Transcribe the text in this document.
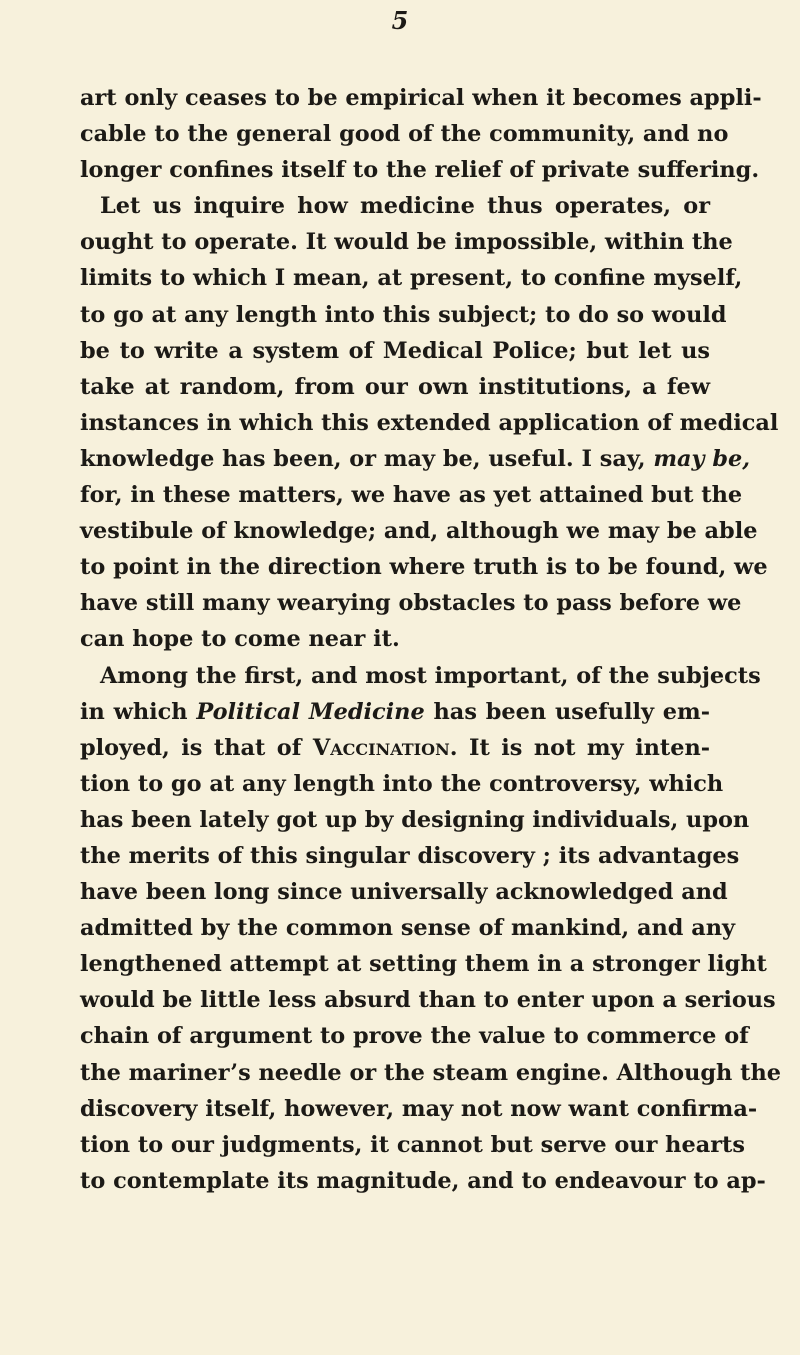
5
art only ceases to be empirical when it becomes appli-
cable to the general good of the community, and no
longer confines itself to the relief of private suffering.
Let us inquire how medicine thus operates, or
ought to operate. It would be impossible, within the
limits to which I mean, at present, to confine myself,
to go at any length into this subject; to do so would
be to write a system of Medical Police; but let us
take at random, from our own institutions, a few
instances in which this extended application of medical
knowledge has been, or may be, useful. I say, may be,
for, in these matters, we have as yet attained but the
vestibule of knowledge; and, although we may be able
to point in the direction where truth is to be found, we
have still many wearying obstacles to pass before we
can hope to come near it.
Among the first, and most important, of the subjects
in which Political Medicine has been usefully em-
ployed, is that of Vaccination. It is not my inten-
tion to go at any length into the controversy, which
has been lately got up by designing individuals, upon
the merits of this singular discovery ; its advantages
have been long since universally acknowledged and
admitted by the common sense of mankind, and any
lengthened attempt at setting them in a stronger light
would be little less absurd than to enter upon a serious
chain of argument to prove the value to commerce of
the mariner’s needle or the steam engine. Although the
discovery itself, however, may not now want confirma-
tion to our judgments, it cannot but serve our hearts
to contemplate its magnitude, and to endeavour to ap-
